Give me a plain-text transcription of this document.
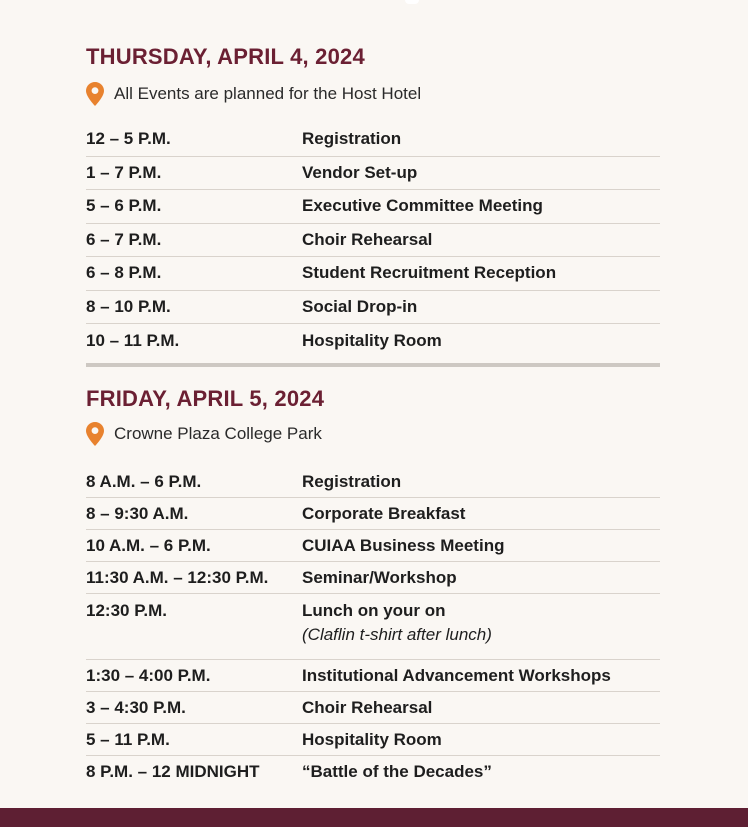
THURSDAY, APRIL 4, 2024
All Events are planned for the Host Hotel
12 – 5 P.M.	Registration
1 – 7 P.M.	Vendor Set-up
5 – 6 P.M.	Executive Committee Meeting
6 – 7 P.M.	Choir Rehearsal
6 – 8 P.M.	Student Recruitment Reception
8 – 10 P.M.	Social Drop-in
10 – 11 P.M.	Hospitality Room
FRIDAY, APRIL 5, 2024
Crowne Plaza College Park
8 A.M. – 6 P.M.	Registration
8 – 9:30 A.M.	Corporate Breakfast
10 A.M. – 6 P.M.	CUIAA Business Meeting
11:30 A.M. – 12:30 P.M. Seminar/Workshop
12:30 P.M.	Lunch on your on
(Claflin t-shirt after lunch)
1:30 – 4:00 P.M.	Institutional Advancement Workshops
3 – 4:30 P.M.	Choir Rehearsal
5 – 11 P.M.	Hospitality Room
8 P.M. – 12 MIDNIGHT “Battle of the Decades”
